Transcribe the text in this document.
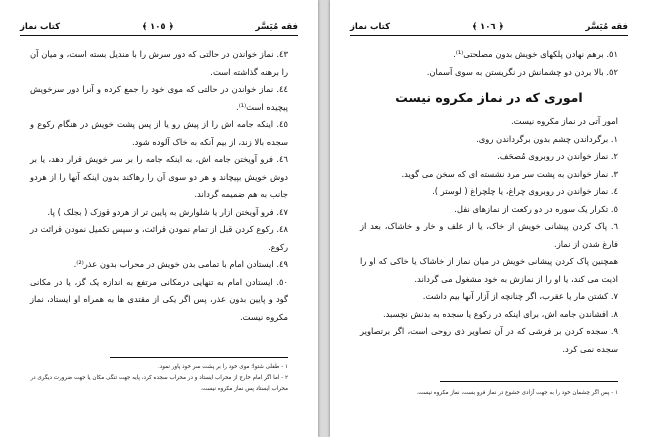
فقه مُیَسَّر
﴿ ١٠٥ ﴾
كتاب نماز

٤٣. نماز خواندن در حالتی که دور سرش را با مندیل بسته است، و میان آن را برهنه گذاشته است.

٤٤. نماز خواندن در حالتی که موی خود را جمع کرده و آنرا دور سرخویش پیچیده است⁽¹⁾.

٤٥. اینکه جامه اش را از پیش رو یا از پس پشت خویش در هنگام رکوع و سجده بالا زند، از بیم آنکه به خاک آلوده شود.

٤٦. فرو آویختن جامه اش، به اینکه جامه را بر سر خویش قرار دهد، یا بر دوش خویش بپیچاند و هر دو سوی آن را رهاکند بدون اینکه آنها را از هردو جانب به هم ضمیمه گرداند.

٤٧. فرو آویختن ازار یا شلوارش به پایین تر از هردو قوزک ( بجلک ) پا.

٤٨. رکوع کردن قبل از تمام نمودن قرائت، و سپس تکمیل نمودن قرائت در رکوع.

٤٩. ایستادن امام با تمامی بدن خویش در محراب بدون عذر⁽²⁾.

٥٠. ایستادن امام به تنهایی درمکانی مرتفع به اندازه یک گز، یا در مکانی گود و پایین بدون عذر، پس اگر یکی از مقتدی ها به همراه او ایستاد، نماز مکروه نیست.

١ - طفلی شتوا؛ موی خود را بر پشت سر خود پاور نمود.

٢ - اما اگر امام خارج از محراب ایستاد و در محراب سجده کرد، پایه جهت تنگی مکان یا جهت ضرورت دیگری در محراب ایستاد پس نماز مکروه نیست.

فقه مُیَسَّر
﴿ ١٠٦ ﴾
كتاب نماز

٥١. برهم نهادن پلکهای خویش بدون مصلحتی⁽¹⁾.

٥٢. بالا بردن دو چشمانش در نگریستن به سوی آسمان.

اموری که در نماز مکروه نیست

امور آتی در نماز مکروه نیست.

١. برگرداندن چشم بدون برگرداندن روی.

٢. نماز خواندن در روبروی مُصحَف.

٣. نماز خواندن به پشت سر مرد نشسته ای که سخن می گوید.

٤. نماز خواندن در روبروی چراغ، یا چلچراغ ( لوستر ).

٥. تکرار یک سوره در دو رکعت از نمازهای نفل.

٦. پاک کردن پیشانی خویش از خاک، یا از علف و خار و خاشاک، بعد از فارغ شدن از نماز.

همچنین پاک کردن پیشانی خویش در میان نماز از خاشاک یا خاکی که او را اذیت می کند، یا او را از نمازش به خود مشغول می گرداند.

٧. کشتن مار یا عقرب، اگر چنانچه از آزار آنها بیم داشت.

٨. افشاندن جامه اش، برای اینکه در رکوع یا سجده به بدنش نچسبد.

٩. سجده کردن بر فرشی که در آن تصاویر ذی روحی است، اگر برتصاویر سجده نمی کرد.

١ - پس اگر چشمان خود را به جهت آزادی خشوع در نماز فرو بست، نماز مکروه نیست.
